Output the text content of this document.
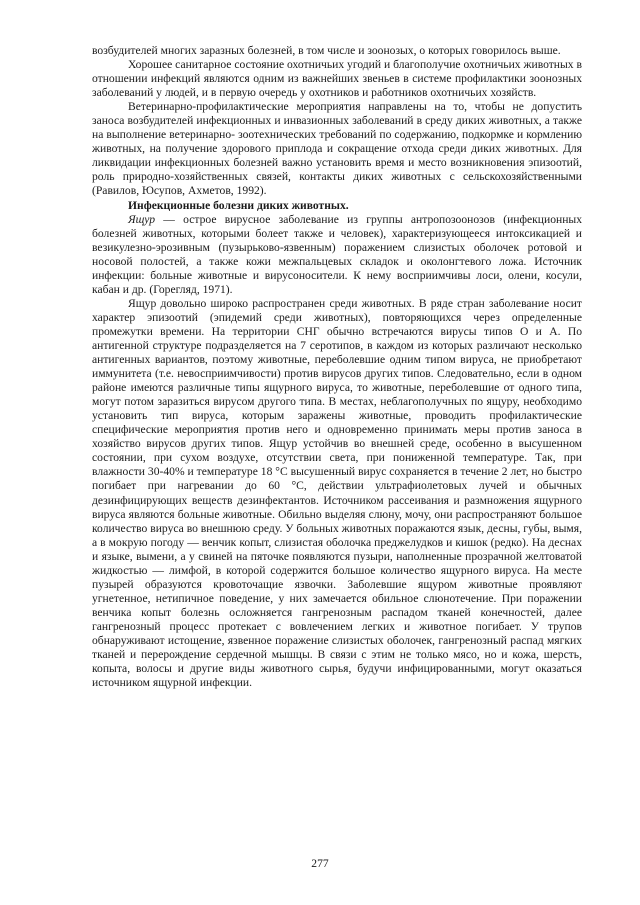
возбудителей многих заразных болезней, в том числе и зоонозых, о которых говорилось выше.

Хорошее санитарное состояние охотничьих угодий и благополучие охотничьих животных в отношении инфекций являются одним из важнейших звеньев в системе профилактики зоонозных заболеваний у людей, и в первую очередь у охотников и работников охотничьих хозяйств.

Ветеринарно-профилактические мероприятия направлены на то, чтобы не допустить заноса возбудителей инфекционных и инвазионных заболеваний в среду диких животных, а также на выполнение ветеринарно- зоотехнических требований по содержанию, подкормке и кормлению животных, на получение здорового приплода и сокращение отхода среди диких животных. Для ликвидации инфекционных болезней важно установить время и место возникновения эпизоотий, роль природно-хозяйственных связей, контакты диких животных с сельскохозяйственными (Равилов, Юсупов, Ахметов, 1992).

Инфекционные болезни диких животных.

Ящур — острое вирусное заболевание из группы антропозоонозов (инфекционных болезней животных, которыми болеет также и человек), характеризующееся интоксикацией и везикулезно-эрозивным (пузырьково-язвенным) поражением слизистых оболочек ротовой и носовой полостей, а также кожи межпальцевых складок и околонгтевого ложа. Источник инфекции: больные животные и вирусоносители. К нему восприимчивы лоси, олени, косули, кабан и др. (Горегляд, 1971).

Ящур довольно широко распространен среди животных. В ряде стран заболевание носит характер эпизоотий (эпидемий среди животных), повторяющихся через определенные промежутки времени. На территории СНГ обычно встречаются вирусы типов О и А. По антигенной структуре подразделяется на 7 серотипов, в каждом из которых различают несколько антигенных вариантов, поэтому животные, переболевшие одним типом вируса, не приобретают иммунитета (т.е. невосприимчивости) против вирусов других типов. Следовательно, если в одном районе имеются различные типы ящурного вируса, то животные, переболевшие от одного типа, могут потом заразиться вирусом другого типа. В местах, неблагополучных по ящуру, необходимо установить тип вируса, которым заражены животные, проводить профилактические специфические мероприятия против него и одновременно принимать меры против заноса в хозяйство вирусов других типов. Ящур устойчив во внешней среде, особенно в высушенном состоянии, при сухом воздухе, отсутствии света, при пониженной температуре. Так, при влажности 30-40% и температуре 18 °С высушенный вирус сохраняется в течение 2 лет, но быстро погибает при нагревании до 60 °С, действии ультрафиолетовых лучей и обычных дезинфицирующих веществ дезинфектантов. Источником рассеивания и размножения ящурного вируса являются больные животные. Обильно выделяя слюну, мочу, они распространяют большое количество вируса во внешнюю среду. У больных животных поражаются язык, десны, губы, вымя, а в мокрую погоду — венчик копыт, слизистая оболочка преджелудков и кишок (редко). На деснах и языке, вымени, а у свиней на пяточке появляются пузыри, наполненные прозрачной желтоватой жидкостью — лимфой, в которой содержится большое количество ящурного вируса. На месте пузырей образуются кровоточащие язвочки. Заболевшие ящуром животные проявляют угнетенное, нетипичное поведение, у них замечается обильное слюнотечение. При поражении венчика копыт болезнь осложняется гангренозным распадом тканей конечностей, далее гангренозный процесс протекает с вовлечением легких и животное погибает. У трупов обнаруживают истощение, язвенное поражение слизистых оболочек, гангренозный распад мягких тканей и перерождение сердечной мышцы. В связи с этим не только мясо, но и кожа, шерсть, копыта, волосы и другие виды животного сырья, будучи инфицированными, могут оказаться источником ящурной инфекции.

277
